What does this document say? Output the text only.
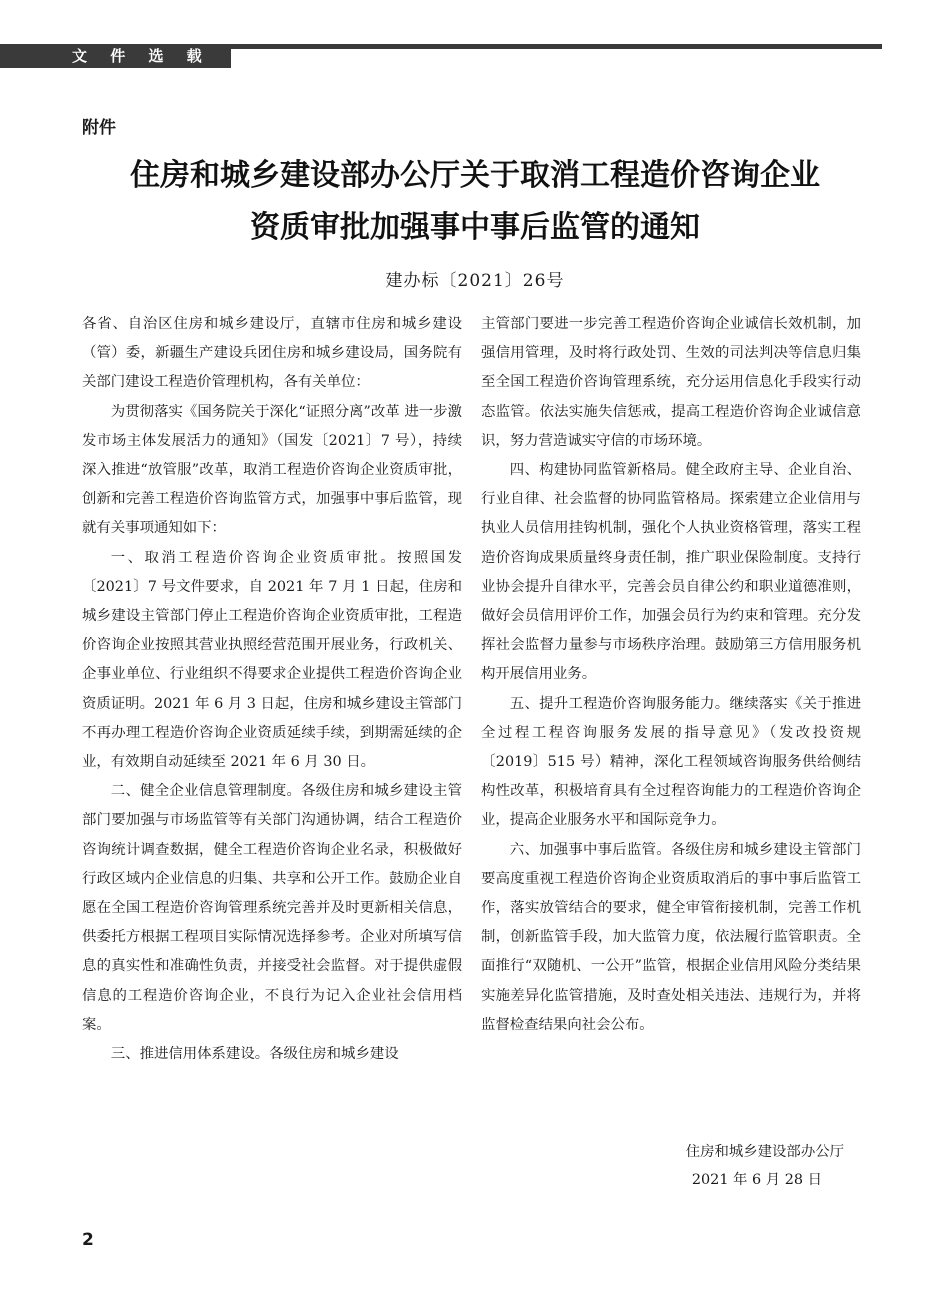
文 件 选 载
附件
住房和城乡建设部办公厅关于取消工程造价咨询企业
资质审批加强事中事后监管的通知
建办标〔2021〕26号

各省、自治区住房和城乡建设厅，直辖市住房和城乡建设（管）委，新疆生产建设兵团住房和城乡建设局，国务院有关部门建设工程造价管理机构，各有关单位：

为贯彻落实《国务院关于深化“证照分离”改革 进一步激发市场主体发展活力的通知》（国发〔2021〕7 号），持续深入推进“放管服”改革，取消工程造价咨询企业资质审批，创新和完善工程造价咨询监管方式，加强事中事后监管，现就有关事项通知如下：

一、取消工程造价咨询企业资质审批。按照国发〔2021〕7 号文件要求，自 2021 年 7 月 1 日起，住房和城乡建设主管部门停止工程造价咨询企业资质审批，工程造价咨询企业按照其营业执照经营范围开展业务，行政机关、企事业单位、行业组织不得要求企业提供工程造价咨询企业资质证明。2021 年 6 月 3 日起，住房和城乡建设主管部门不再办理工程造价咨询企业资质延续手续，到期需延续的企业，有效期自动延续至 2021 年 6 月 30 日。

二、健全企业信息管理制度。各级住房和城乡建设主管部门要加强与市场监管等有关部门沟通协调，结合工程造价咨询统计调查数据，健全工程造价咨询企业名录，积极做好行政区域内企业信息的归集、共享和公开工作。鼓励企业自愿在全国工程造价咨询管理系统完善并及时更新相关信息，供委托方根据工程项目实际情况选择参考。企业对所填写信息的真实性和准确性负责，并接受社会监督。对于提供虚假信息的工程造价咨询企业，不良行为记入企业社会信用档案。

三、推进信用体系建设。各级住房和城乡建设

主管部门要进一步完善工程造价咨询企业诚信长效机制，加强信用管理，及时将行政处罚、生效的司法判决等信息归集至全国工程造价咨询管理系统，充分运用信息化手段实行动态监管。依法实施失信惩戒，提高工程造价咨询企业诚信意识，努力营造诚实守信的市场环境。

四、构建协同监管新格局。健全政府主导、企业自治、行业自律、社会监督的协同监管格局。探索建立企业信用与执业人员信用挂钩机制，强化个人执业资格管理，落实工程造价咨询成果质量终身责任制，推广职业保险制度。支持行业协会提升自律水平，完善会员自律公约和职业道德准则，做好会员信用评价工作，加强会员行为约束和管理。充分发挥社会监督力量参与市场秩序治理。鼓励第三方信用服务机构开展信用业务。

五、提升工程造价咨询服务能力。继续落实《关于推进全过程工程咨询服务发展的指导意见》（发改投资规〔2019〕515 号）精神，深化工程领域咨询服务供给侧结构性改革，积极培育具有全过程咨询能力的工程造价咨询企业，提高企业服务水平和国际竞争力。

六、加强事中事后监管。各级住房和城乡建设主管部门要高度重视工程造价咨询企业资质取消后的事中事后监管工作，落实放管结合的要求，健全审管衔接机制，完善工作机制，创新监管手段，加大监管力度，依法履行监管职责。全面推行“双随机、一公开”监管，根据企业信用风险分类结果实施差异化监管措施，及时查处相关违法、违规行为，并将监督检查结果向社会公布。

住房和城乡建设部办公厅
2021 年 6 月 28 日
2
